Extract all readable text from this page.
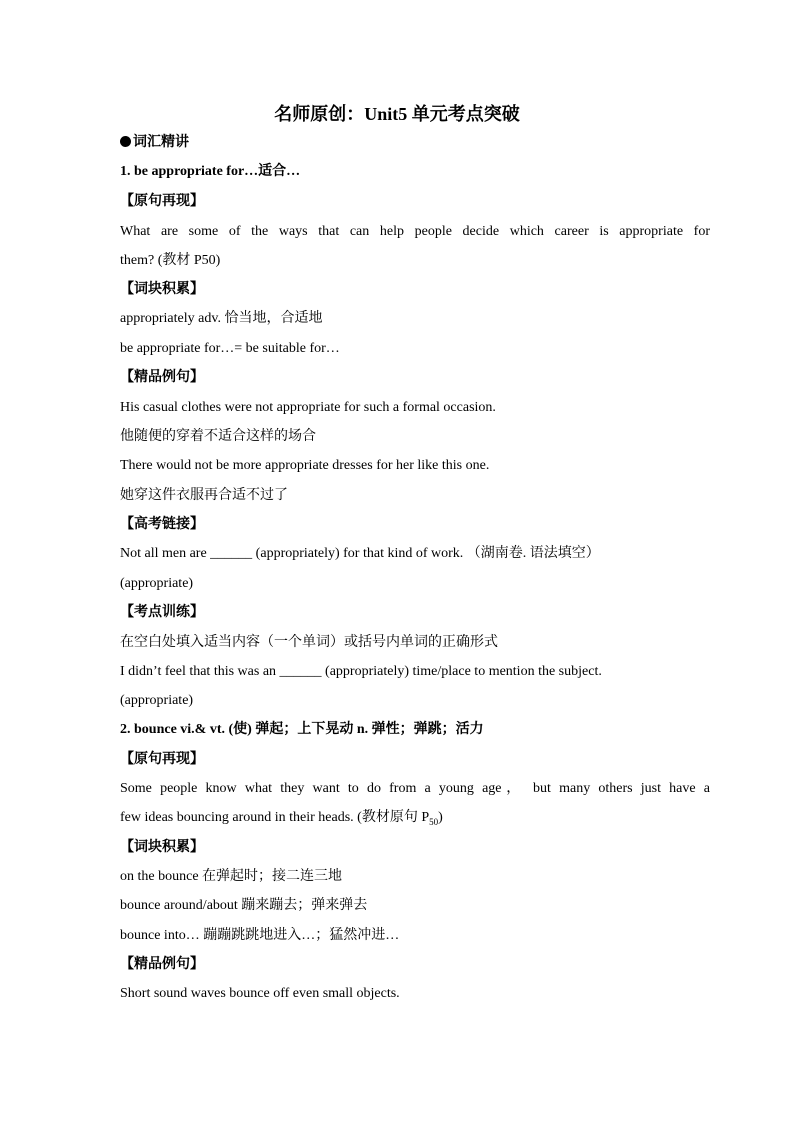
名师原创：Unit5 单元考点突破
词汇精讲
1. be appropriate for…适合…
【原句再现】
What are some of the ways that can help people decide which career is appropriate for
them? (教材 P50)
【词块积累】
appropriately adv. 恰当地，合适地
be appropriate for…= be suitable for…
【精品例句】
His casual clothes were not appropriate for such a formal occasion.
他随便的穿着不适合这样的场合
There would not be more appropriate dresses for her like this one.
她穿这件衣服再合适不过了
【高考链接】
Not all men are ______ (appropriately) for that kind of work. （湖南卷. 语法填空）
(appropriate)
【考点训练】
在空白处填入适当内容（一个单词）或括号内单词的正确形式
I didn’t feel that this was an ______ (appropriately) time/place to mention the subject.
(appropriate)
2. bounce vi.& vt. (使) 弹起；上下晃动 n. 弹性；弹跳；活力
【原句再现】
Some people know what they want to do from a young age， but many others just have a
few ideas bouncing around in their heads. (教材原句 $P_{50}$)
【词块积累】
on the bounce 在弹起时；接二连三地
bounce around/about 蹦来蹦去；弹来弹去
bounce into… 蹦蹦跳跳地进入…；猛然冲进…
【精品例句】
Short sound waves bounce off even small objects.
